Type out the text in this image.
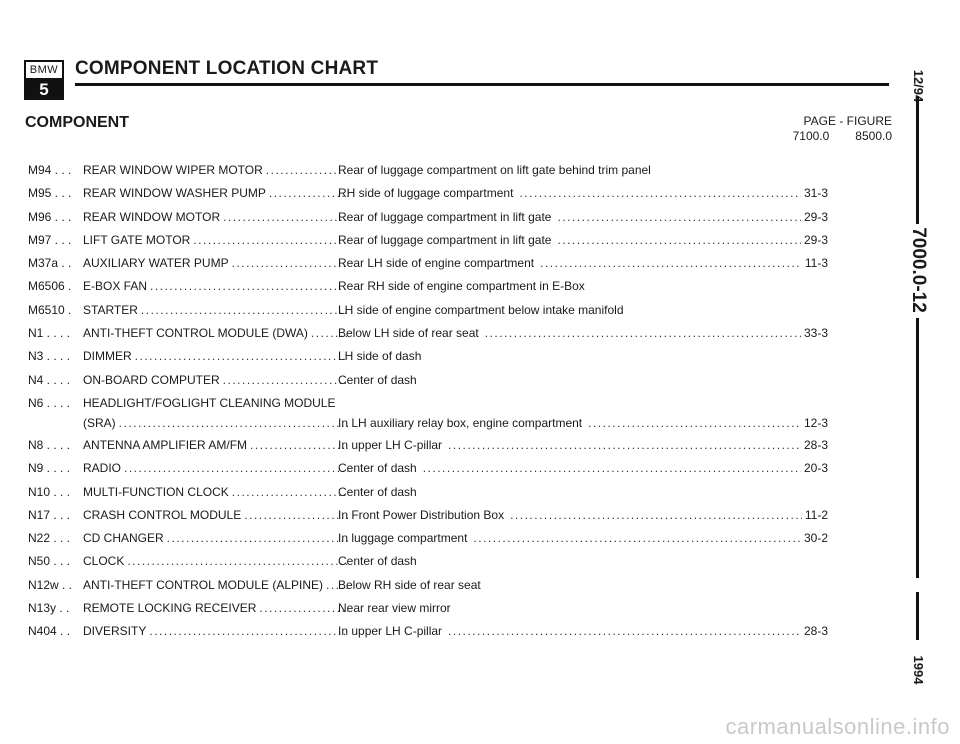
BMW
5
COMPONENT LOCATION CHART
COMPONENT	PAGE - FIGURE
7100.0 8500.0
M94 . . . REAR WINDOW WIPER MOTOR .....	Rear of luggage compartment on lift gate behind trim panel
M95 . . . REAR WINDOW WASHER PUMP .....	RH side of luggage compartment .....	31-3
M96 . . . REAR WINDOW MOTOR .....	Rear of luggage compartment in lift gate .....	29-3
M97 . . . LIFT GATE MOTOR .....	Rear of luggage compartment in lift gate .....	29-3
M37a . . AUXILIARY WATER PUMP .....	Rear LH side of engine compartment .....	11-3
M6506 . E-BOX FAN .....	Rear RH side of engine compartment in E-Box
M6510 . STARTER .....	LH side of engine compartment below intake manifold
N1 . . . .	ANTI-THEFT CONTROL MODULE (DWA) .....	Below LH side of rear seat .....	33-3
N3 . . . .	DIMMER .....	LH side of dash
N4 . . . .	ON-BOARD COMPUTER .....	Center of dash
N6 . . . .	HEADLIGHT/FOGLIGHT CLEANING MODULE
(SRA) .....	In LH auxiliary relay box, engine compartment .....	12-3
N8 . . . .	ANTENNA AMPLIFIER AM/FM .....	In upper LH C-pillar .....	28-3
N9 . . . .	RADIO .....	Center of dash .....	20-3
N10 . . .	MULTI-FUNCTION CLOCK .....	Center of dash
N17 . . .	CRASH CONTROL MODULE .....	In Front Power Distribution Box .....	11-2
N22 . . .	CD CHANGER .....	In luggage compartment .....	30-2
N50 . . .	CLOCK .....	Center of dash
N12w . . ANTI-THEFT CONTROL MODULE (ALPINE) ..... Below RH side of rear seat
N13y . .	REMOTE LOCKING RECEIVER .....	Near rear view mirror
N404 . .	DIVERSITY .....	In upper LH C-pillar .....	28-3
12/94
7000.0-12
1994
carmanualsonline.info
